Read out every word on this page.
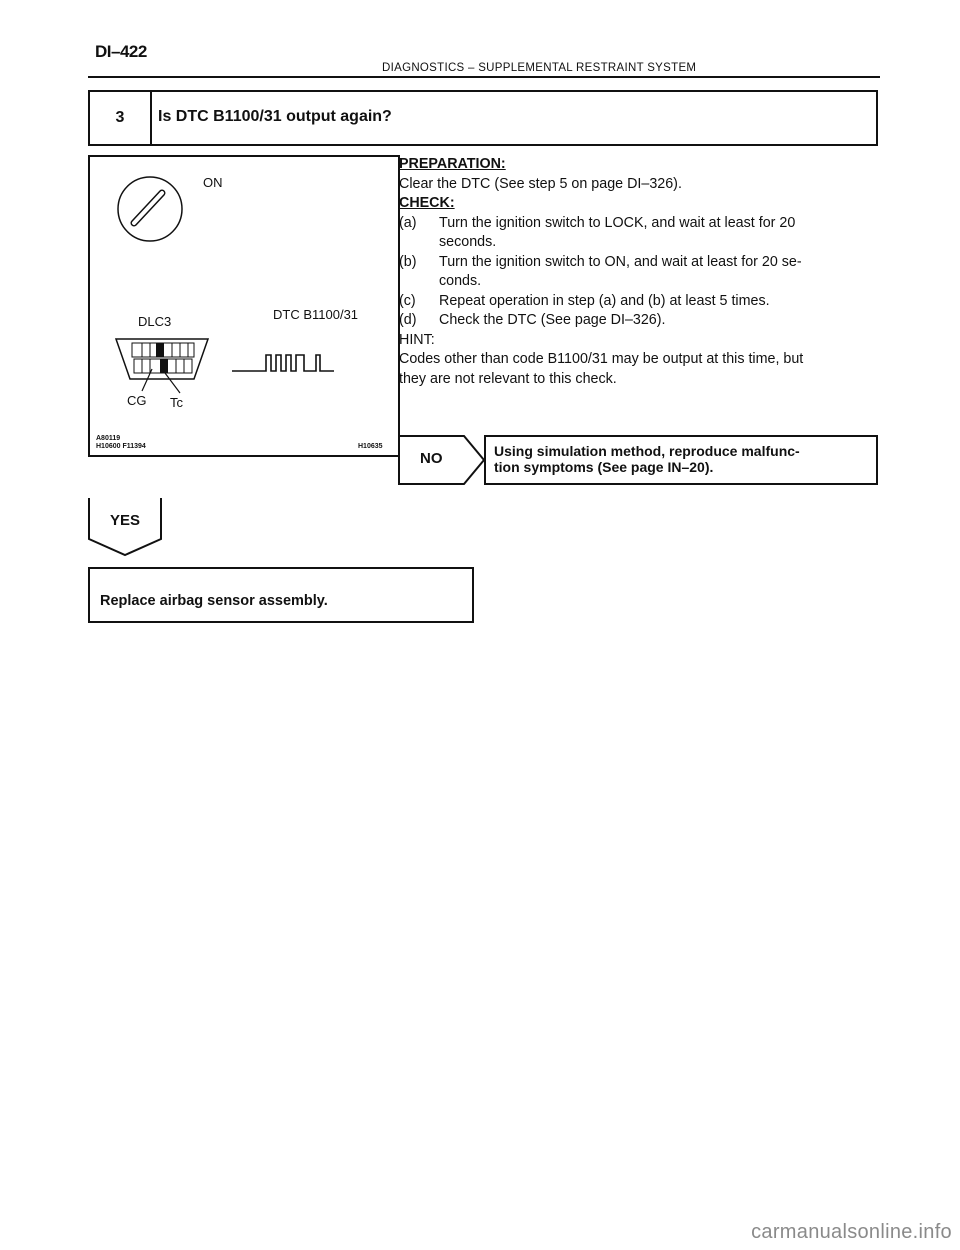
DI–422
DIAGNOSTICS – SUPPLEMENTAL RESTRAINT SYSTEM
3	Is DTC B1100/31 output again?
ON
DLC3	DTC B1100/31
CG Tc
A80119
H10600 F11394	H10635
PREPARATION:
Clear the DTC (See step 5 on page DI–326).
CHECK:
(a)	Turn the ignition switch to LOCK, and wait at least for 20
seconds.
(b)	Turn the ignition switch to ON, and wait at least for 20 se-
conds.
(c)	Repeat operation in step (a) and (b) at least 5 times.
(d)	Check the DTC (See page DI–326).
HINT:
Codes other than code B1100/31 may be output at this time, but
they are not relevant to this check.
NO	Using simulation method, reproduce malfunc-
tion symptoms (See page IN–20).
YES
Replace airbag sensor assembly.
carmanualsonline.info
